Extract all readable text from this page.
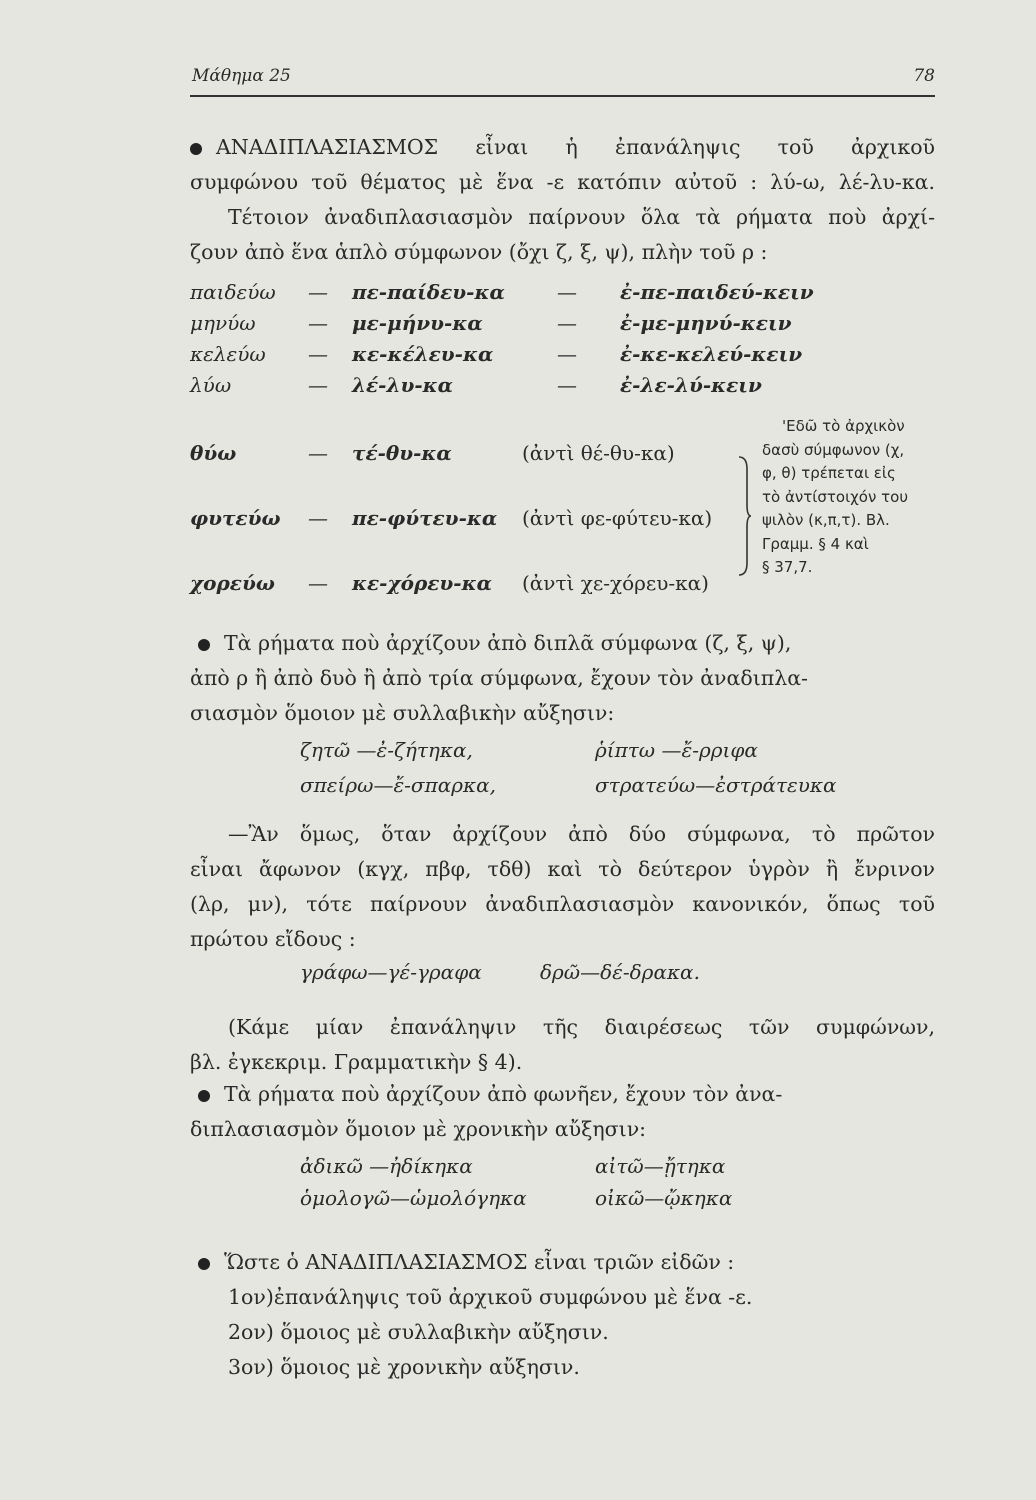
Μάθημα 25	78
ΑΝΑΔΙΠΛΑΣΙΑΣΜΟΣ εἶναι ἡ ἐπανάληψις τοῦ ἀρχικοῦ
συμφώνου τοῦ θέματος μὲ ἕνα -ε κατόπιν αὐτοῦ : λύ-ω, λέ-λυ-κα.
Τέτοιον ἀναδιπλασιασμὸν παίρνουν ὅλα τὰ ρήματα ποὺ ἀρχί-
ζουν ἀπὸ ἕνα ἁπλὸ σύμφωνον (ὄχι ζ, ξ, ψ), πλὴν τοῦ ρ :
παιδεύω	—	πε-παίδευ-κα	—	ἐ-πε-παιδεύ-κειν
μηνύω	—	με-μήνυ-κα	—	ἐ-με-μηνύ-κειν
κελεύω	—	κε-κέλευ-κα	—	ἐ-κε-κελεύ-κειν
λύω	—	λέ-λυ-κα	—	ἐ-λε-λύ-κειν
θύω	—	τέ-θυ-κα	(ἀντὶ θέ-θυ-κα)

φυτεύω	—	πε-φύτευ-κα	(ἀντὶ φε-φύτευ-κα)

χορεύω	—	κε-χόρευ-κα	(ἀντὶ χε-χόρευ-κα)
'Εδῶ τὸ ἀρχικὸν
δασὺ σύμφωνον (χ,
φ, θ) τρέπεται εἰς
τὸ ἀντίστοιχόν του
ψιλὸν (κ,π,τ). Βλ.
Γραμμ. § 4 καὶ
§ 37,7.
Τὰ ρήματα ποὺ ἀρχίζουν ἀπὸ διπλᾶ σύμφωνα (ζ, ξ, ψ),
ἀπὸ ρ ἢ ἀπὸ δυὸ ἢ ἀπὸ τρία σύμφωνα, ἔχουν τὸν ἀναδιπλα-
σιασμὸν ὅμοιον μὲ συλλαβικὴν αὔξησιν:
ζητῶ —ἐ-ζήτηκα,	ῥίπτω —ἔ-ρριφα
σπείρω—ἔ-σπαρκα,	στρατεύω—ἐστράτευκα
—Ἂν ὅμως, ὅταν ἀρχίζουν ἀπὸ δύο σύμφωνα, τὸ πρῶτον
εἶναι ἄφωνον (κγχ, πβφ, τδθ) καὶ τὸ δεύτερον ὑγρὸν ἢ ἔνρινον
(λρ, μν), τότε παίρνουν ἀναδιπλασιασμὸν κανονικόν, ὅπως τοῦ
πρώτου εἴδους :
γράφω—γέ-γραφα	δρῶ—δέ-δρακα.
(Κάμε μίαν ἐπανάληψιν τῆς διαιρέσεως τῶν συμφώνων,
βλ. ἐγκεκριμ. Γραμματικὴν § 4).
Τὰ ρήματα ποὺ ἀρχίζουν ἀπὸ φωνῆεν, ἔχουν τὸν ἀνα-
διπλασιασμὸν ὅμοιον μὲ χρονικὴν αὔξησιν:
ἀδικῶ —ἠδίκηκα	αἰτῶ—ᾔτηκα
ὁμολογῶ—ὡμολόγηκα	οἰκῶ—ᾤκηκα
Ὥστε ὁ ΑΝΑΔΙΠΛΑΣΙΑΣΜΟΣ εἶναι τριῶν εἰδῶν :
1ον)ἐπανάληψις τοῦ ἀρχικοῦ συμφώνου μὲ ἕνα -ε.
2ον) ὅμοιος μὲ συλλαβικὴν αὔξησιν.
3ον) ὅμοιος μὲ χρονικὴν αὔξησιν.
